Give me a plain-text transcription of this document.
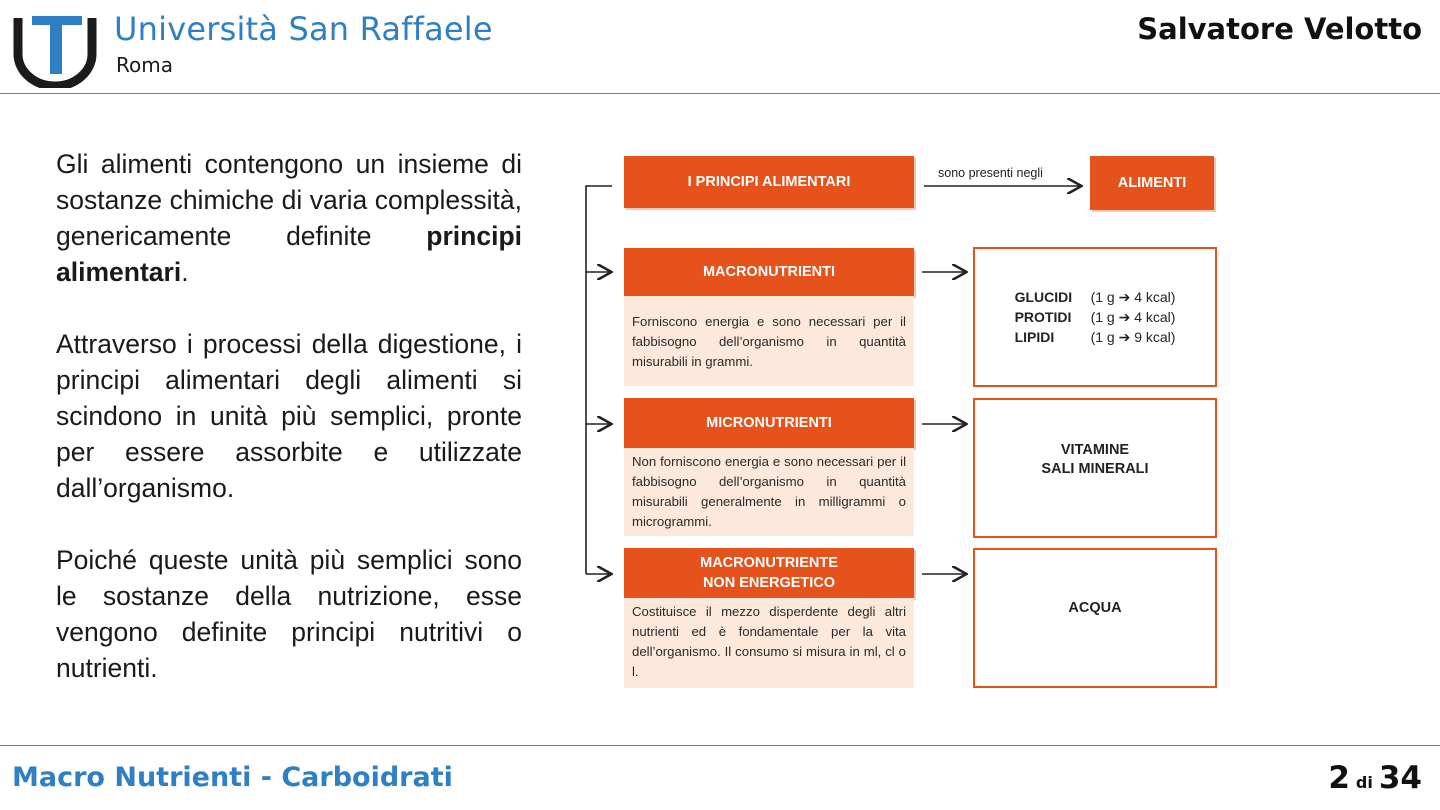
Università San Raffaele
Roma
Salvatore Velotto

Gli alimenti contengono un insieme di sostanze chimiche di varia complessità, genericamente definite principi alimentari.

Attraverso i processi della digestione, i principi alimentari degli alimenti si scindono in unità più semplici, pronte per essere assorbite e utilizzate dall’organismo.

Poiché queste unità più semplici sono le sostanze della nutrizione, esse vengono definite principi nutritivi o nutrienti.

I PRINCIPI ALIMENTARI
sono presenti negli
ALIMENTI
MACRONUTRIENTI
Forniscono energia e sono necessari per il fabbisogno dell’organismo in quantità misurabili in grammi.
GLUCIDI	(1 g ➔ 4 kcal)
PROTIDI	(1 g ➔ 4 kcal)
LIPIDI	(1 g ➔ 9 kcal)
MICRONUTRIENTI
Non forniscono energia e sono necessari per il fabbisogno dell’organismo in quantità misurabili generalmente in milligrammi o microgrammi.
VITAMINE
SALI MINERALI
MACRONUTRIENTE
NON ENERGETICO
Costituisce il mezzo disperdente degli altri nutrienti ed è fondamentale per la vita dell’organismo. Il consumo si misura in ml, cl o l.
ACQUA
Macro Nutrienti - Carboidrati	2 di 34
